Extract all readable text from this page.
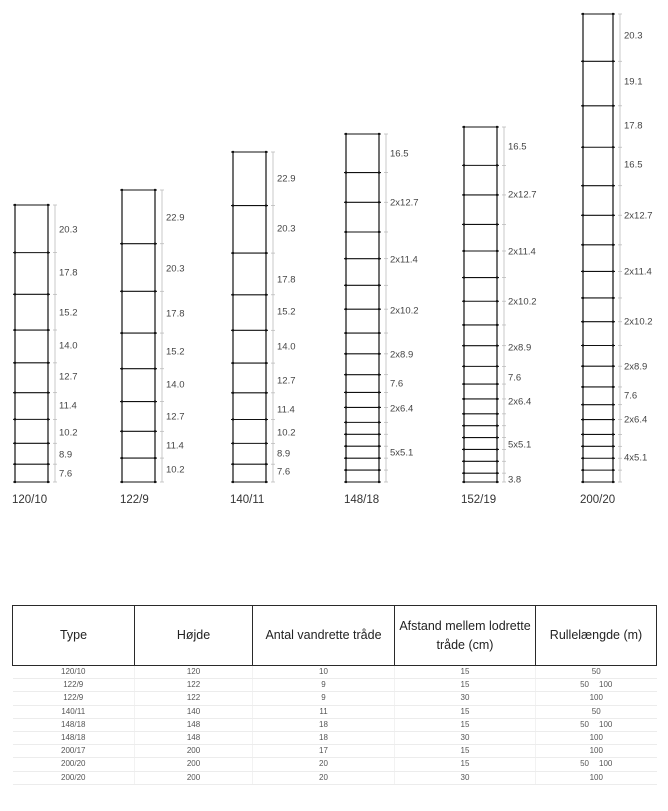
20.3
17.8
15.2
14.0
12.7
11.4
10.2
8.9
7.6
120/10
22.9
20.3
17.8
15.2
14.0
12.7
11.4
10.2
122/9
22.9
20.3
17.8
15.2
14.0
12.7
11.4
10.2
8.9
7.6
140/11
16.5
2x12.7
2x11.4
2x10.2
2x8.9
7.6
2x6.4
5x5.1
148/18
16.5
2x12.7
2x11.4
2x10.2
2x8.9
7.6
2x6.4
5x5.1
3.8
152/19
20.3
19.1
17.8
16.5
2x12.7
2x11.4
2x10.2
2x8.9
7.6
2x6.4
4x5.1
200/20
Type	Højde	Antal vandrette tråde	Afstand mellem lodrette tråde (cm)	Rullelængde (m)
120/10	120	10	15	50
122/9	122	9	15	50 100
122/9	122	9	30	100
140/11	140	11	15	50
148/18	148	18	15	50 100
148/18	148	18	30	100
200/17	200	17	15	100
200/20	200	20	15	50 100
200/20	200	20	30	100
